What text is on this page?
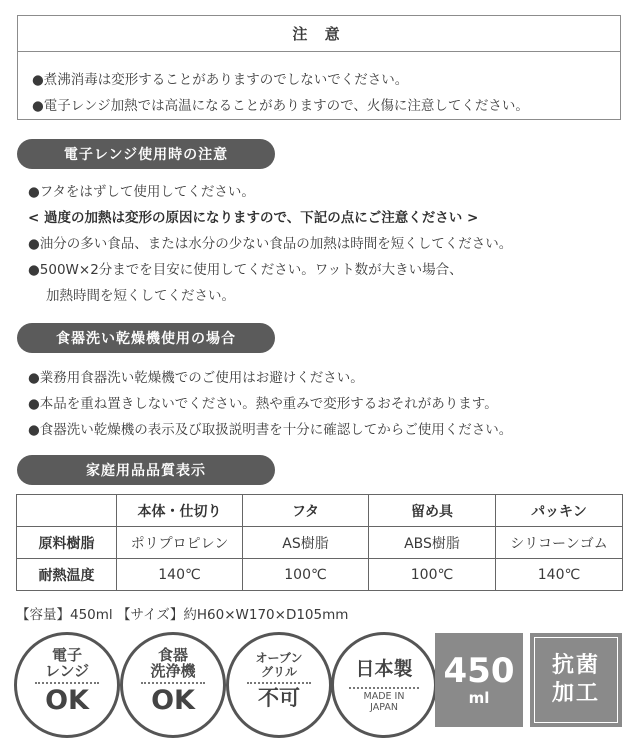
注 意
●煮沸消毒は変形することがありますのでしないでください。
●電子レンジ加熱では高温になることがありますので、火傷に注意してください。
電子レンジ使用時の注意
●フタをはずして使用してください。
< 過度の加熱は変形の原因になりますので、下記の点にご注意ください >
●油分の多い食品、または水分の少ない食品の加熱は時間を短くしてください。
●500W×2分までを目安に使用してください。ワット数が大きい場合、
加熱時間を短くしてください。
食器洗い乾燥機使用の場合
●業務用食器洗い乾燥機でのご使用はお避けください。
●本品を重ね置きしないでください。熱や重みで変形するおそれがあります。
●食器洗い乾燥機の表示及び取扱説明書を十分に確認してからご使用ください。
家庭用品品質表示
	本体・仕切り	フタ	留め具	パッキン
原料樹脂	ポリプロピレン	AS樹脂	ABS樹脂	シリコーンゴム
耐熱温度	140℃	100℃	100℃	140℃
【容量】450ml 【サイズ】約H60×W170×D105mm
電子
レンジ
OK
食器
洗浄機
OK
オーブン
グリル
不可
日本製
MADE IN
JAPAN
450
ml
抗菌
加工
